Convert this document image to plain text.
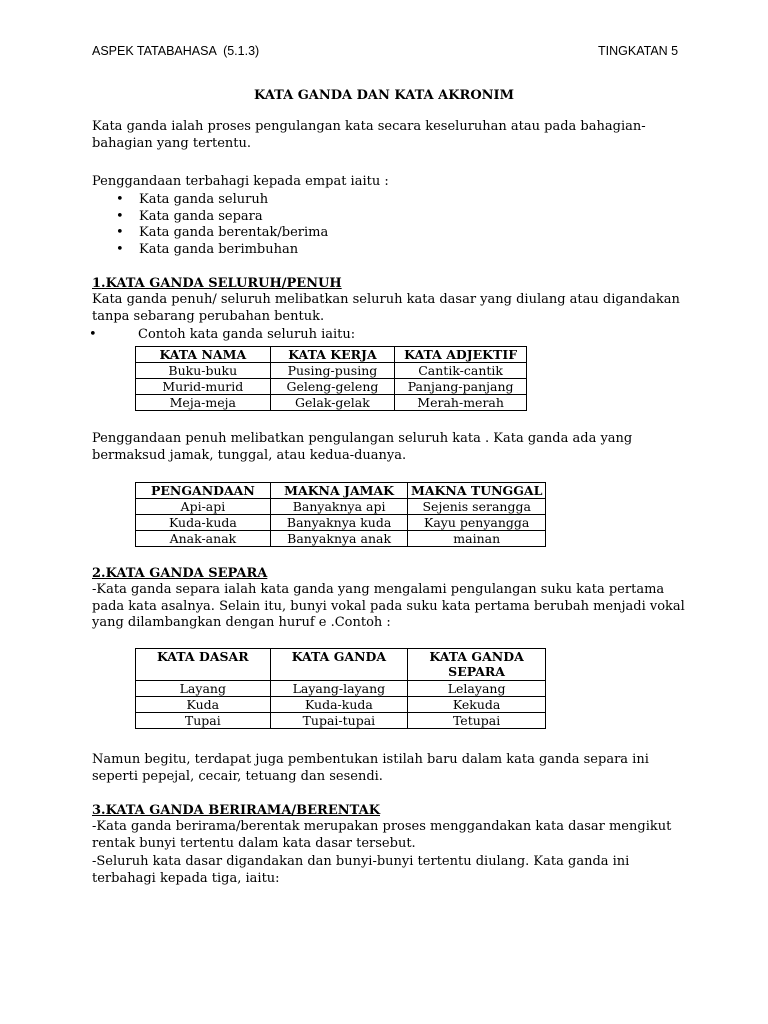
ASPEK TATABAHASA  (5.1.3)	TINGKATAN 5
KATA GANDA DAN KATA AKRONIM
Kata ganda ialah proses pengulangan kata secara keseluruhan atau pada bahagian-bahagian yang tertentu.
Penggandaan terbahagi kepada empat iaitu :
• Kata ganda seluruh
• Kata ganda separa
• Kata ganda berentak/berima
• Kata ganda berimbuhan
1.KATA GANDA SELURUH/PENUH
Kata ganda penuh/ seluruh melibatkan seluruh kata dasar yang diulang atau digandakan tanpa sebarang perubahan bentuk.
•	Contoh kata ganda seluruh iaitu:
KATA NAMA	KATA KERJA	KATA ADJEKTIF
Buku-buku	Pusing-pusing	Cantik-cantik
Murid-murid	Geleng-geleng	Panjang-panjang
Meja-meja	Gelak-gelak	Merah-merah
Penggandaan penuh melibatkan pengulangan seluruh kata . Kata ganda ada yang bermaksud jamak, tunggal, atau kedua-duanya.
PENGANDAAN	MAKNA JAMAK	MAKNA TUNGGAL
Api-api	Banyaknya api	Sejenis serangga
Kuda-kuda	Banyaknya kuda	Kayu penyangga
Anak-anak	Banyaknya anak	mainan
2.KATA GANDA SEPARA
-Kata ganda separa ialah kata ganda yang mengalami pengulangan suku kata pertama pada kata asalnya. Selain itu, bunyi vokal pada suku kata pertama berubah menjadi vokal yang dilambangkan dengan huruf e .Contoh :
KATA DASAR	KATA GANDA	KATA GANDA SEPARA
Layang	Layang-layang	Lelayang
Kuda	Kuda-kuda	Kekuda
Tupai	Tupai-tupai	Tetupai
Namun begitu, terdapat juga pembentukan istilah baru dalam kata ganda separa ini seperti pepejal, cecair, tetuang dan sesendi.
3.KATA GANDA BERIRAMA/BERENTAK
-Kata ganda berirama/berentak merupakan proses menggandakan kata dasar mengikut rentak bunyi tertentu dalam kata dasar tersebut.
-Seluruh kata dasar digandakan dan bunyi-bunyi tertentu diulang. Kata ganda ini terbahagi kepada tiga, iaitu:
